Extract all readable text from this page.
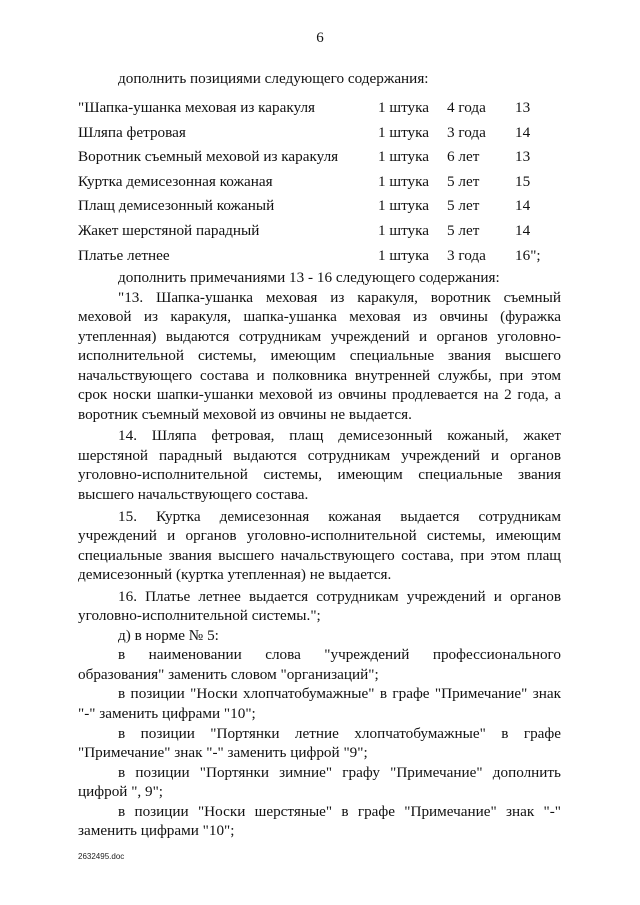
6
дополнить позициями следующего содержания:
"Шапка-ушанка меховая из каракуля	1 штука 4 года 13
Шляпа фетровая	1 штука 3 года 14
Воротник съемный меховой из каракуля	1 штука 6 лет 13
Куртка демисезонная кожаная	1 штука 5 лет 15
Плащ демисезонный кожаный	1 штука 5 лет 14
Жакет шерстяной парадный	1 штука 5 лет 14
Платье летнее	1 штука 3 года 16";

дополнить примечаниями 13 - 16 следующего содержания:

"13. Шапка-ушанка меховая из каракуля, воротник съемный меховой из каракуля, шапка-ушанка меховая из овчины (фуражка утепленная) выдаются сотрудникам учреждений и органов уголовно-исполнительной системы, имеющим специальные звания высшего начальствующего состава и полковника внутренней службы, при этом срок носки шапки-ушанки меховой из овчины продлевается на 2 года, а воротник съемный меховой из овчины не выдается.

14. Шляпа фетровая, плащ демисезонный кожаный, жакет шерстяной парадный выдаются сотрудникам учреждений и органов уголовно-исполнительной системы, имеющим специальные звания высшего начальствующего состава.

15. Куртка демисезонная кожаная выдается сотрудникам учреждений и органов уголовно-исполнительной системы, имеющим специальные звания высшего начальствующего состава, при этом плащ демисезонный (куртка утепленная) не выдается.

16. Платье летнее выдается сотрудникам учреждений и органов уголовно-исполнительной системы.";

д) в норме № 5:

в наименовании слова "учреждений профессионального образования" заменить словом "организаций";

в позиции "Носки хлопчатобумажные" в графе "Примечание" знак "-" заменить цифрами "10";

в позиции "Портянки летние хлопчатобумажные" в графе "Примечание" знак "-" заменить цифрой "9";

в позиции "Портянки зимние" графу "Примечание" дополнить цифрой ", 9";

в позиции "Носки шерстяные" в графе "Примечание" знак "-" заменить цифрами "10";

2632495.doc
